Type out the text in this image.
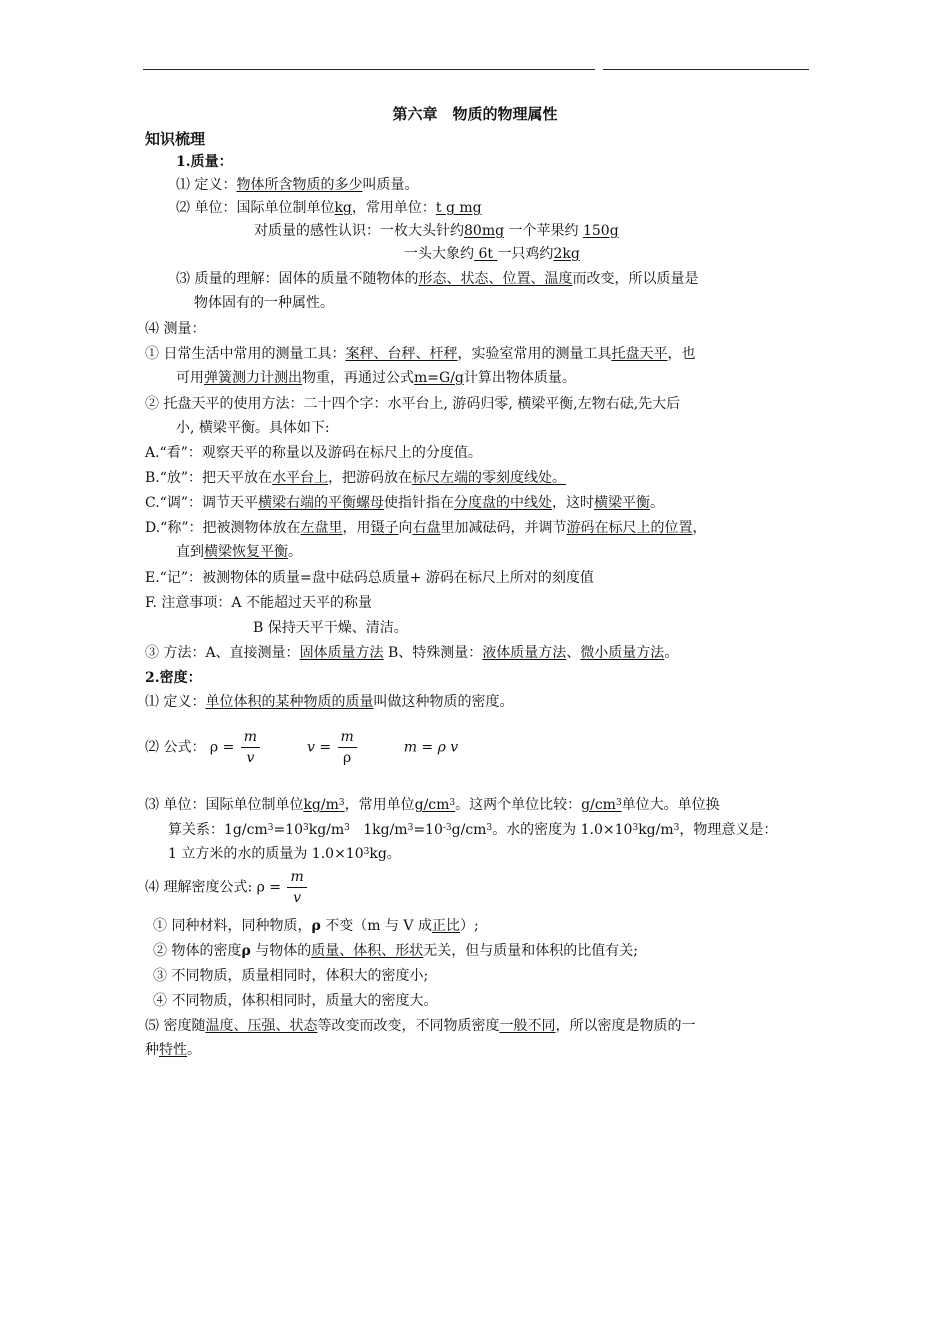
第六章　物质的物理属性
知识梳理
1.质量：
⑴ 定义：物体所含物质的多少叫质量。
⑵ 单位：国际单位制单位kg，常用单位：t g mg
对质量的感性认识：一枚大头针约80mg 一个苹果约 150g
一头大象约 6t 一只鸡约2kg
⑶ 质量的理解：固体的质量不随物体的形态、状态、位置、温度而改变，所以质量是
物体固有的一种属性。
⑷ 测量：
① 日常生活中常用的测量工具：案秤、台秤、杆秤，实验室常用的测量工具托盘天平，也
可用弹簧测力计测出物重，再通过公式m=G/g计算出物体质量。
② 托盘天平的使用方法：二十四个字：水平台上, 游码归零, 横梁平衡,左物右砝,先大后
小, 横梁平衡。具体如下:
A.“看”：观察天平的称量以及游码在标尺上的分度值。
B.“放”：把天平放在水平台上，把游码放在标尺左端的零刻度线处。
C.“调”：调节天平横梁右端的平衡螺母使指针指在分度盘的中线处，这时横梁平衡。
D.“称”：把被测物体放在左盘里，用镊子向右盘里加减砝码，并调节游码在标尺上的位置，
直到横梁恢复平衡。
E.“记”：被测物体的质量=盘中砝码总质量+ 游码在标尺上所对的刻度值
F. 注意事项：A 不能超过天平的称量
B 保持天平干燥、清洁。
③ 方法：A、直接测量：固体质量方法 B、特殊测量：液体质量方法、微小质量方法。
2.密度：
⑴ 定义：单位体积的某种物质的质量叫做这种物质的密度。
⑵ 公式： $\rho = \frac{m}{v}$	$v = \frac{m}{\rho}$	m = ρ v
⑶ 单位：国际单位制单位$kg/m^3$，常用单位$g/cm^3$。这两个单位比较：$g/cm^3$单位大。单位换
算关系：$1g/cm^3=10^3kg/m^3$   $1kg/m^3=10^{-3}g/cm^3$。水的密度为 $1.0\times 10^3kg/m^3$，物理意义是：
1 立方米的水的质量为 $1.0\times 10^3kg$。
⑷ 理解密度公式: $\rho = \frac{m}{v}$
① 同种材料，同种物质，ρ 不变（m 与 V 成正比）;
② 物体的密度ρ 与物体的质量、体积、形状无关，但与质量和体积的比值有关;
③ 不同物质，质量相同时，体积大的密度小;
④ 不同物质，体积相同时，质量大的密度大。
⑸ 密度随温度、压强、状态等改变而改变，不同物质密度一般不同，所以密度是物质的一
种特性。
